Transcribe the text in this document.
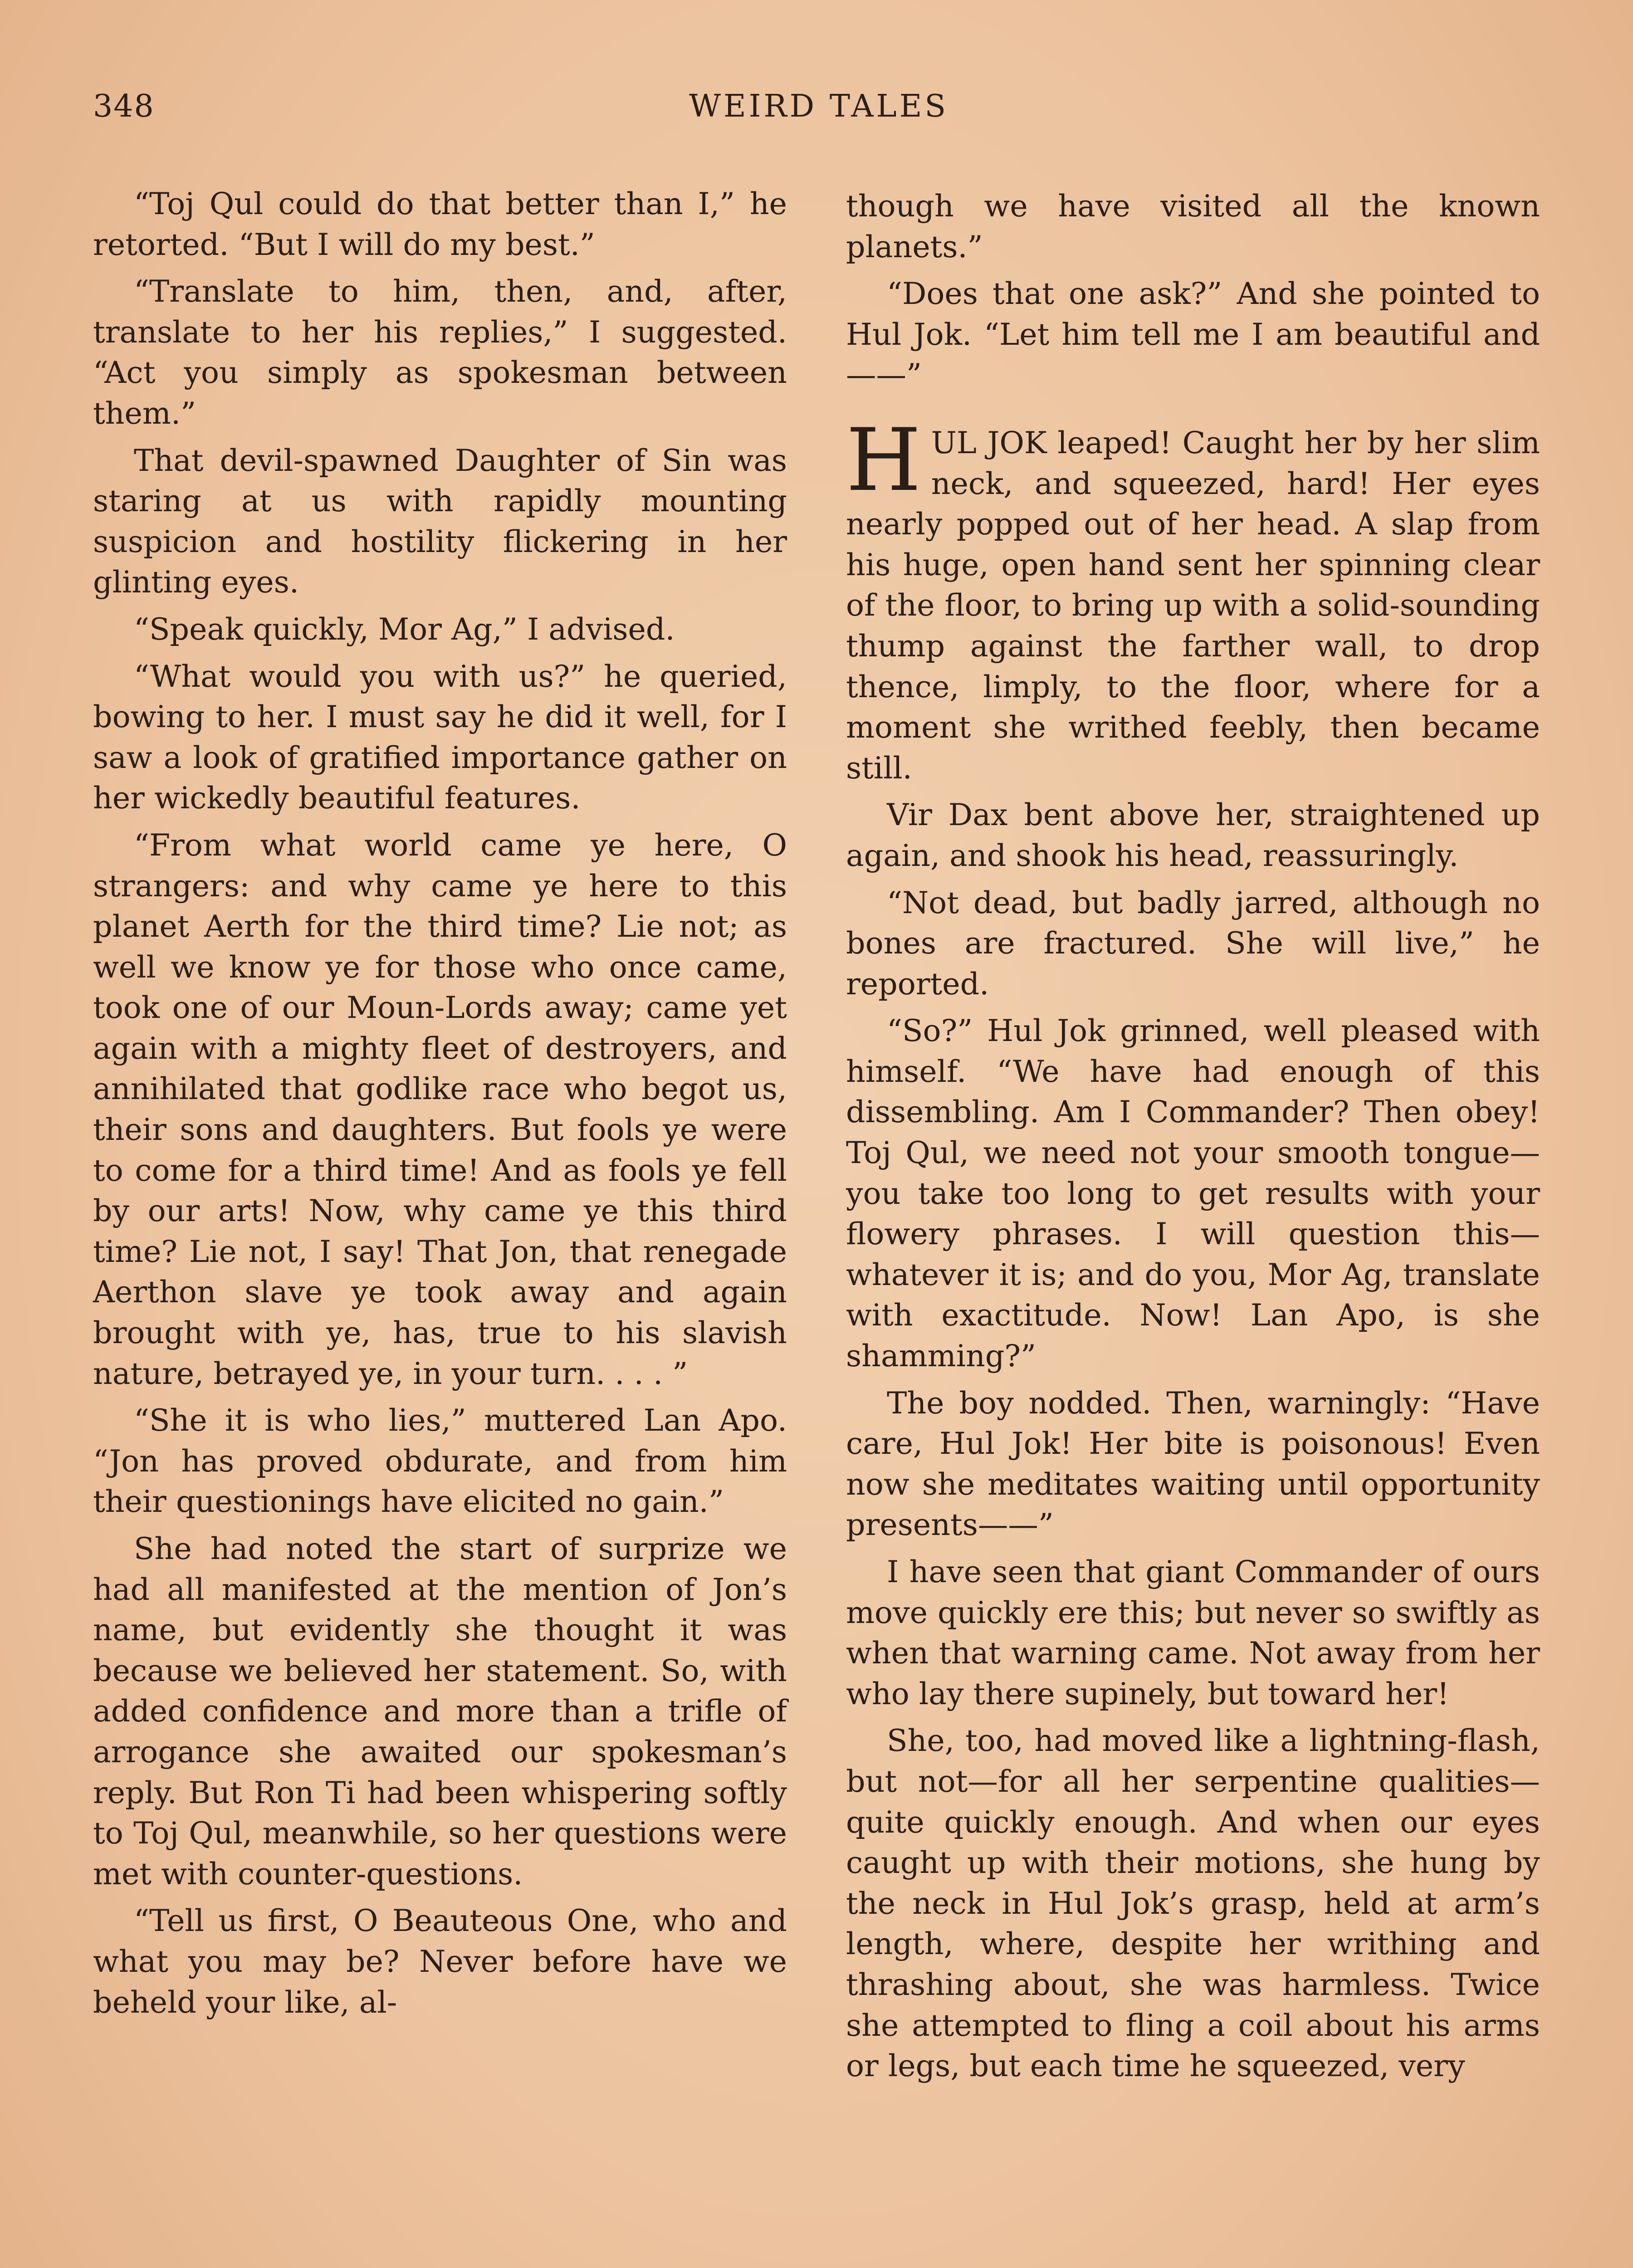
348	WEIRD TALES

“Toj Qul could do that better than I,” he retorted. “But I will do my best.”

“Translate to him, then, and, after, translate to her his replies,” I suggested. “Act you simply as spokesman between them.”

That devil-spawned Daughter of Sin was staring at us with rapidly mounting suspicion and hostility flickering in her glinting eyes.

“Speak quickly, Mor Ag,” I advised.

“What would you with us?” he queried, bowing to her. I must say he did it well, for I saw a look of gratified importance gather on her wickedly beautiful features.

“From what world came ye here, O strangers: and why came ye here to this planet Aerth for the third time? Lie not; as well we know ye for those who once came, took one of our Moun-Lords away; came yet again with a mighty fleet of destroyers, and annihilated that godlike race who begot us, their sons and daughters. But fools ye were to come for a third time! And as fools ye fell by our arts! Now, why came ye this third time? Lie not, I say! That Jon, that renegade Aerthon slave ye took away and again brought with ye, has, true to his slavish nature, betrayed ye, in your turn. . . . ”

“She it is who lies,” muttered Lan Apo. “Jon has proved obdurate, and from him their questionings have elicited no gain.”

She had noted the start of surprize we had all manifested at the mention of Jon’s name, but evidently she thought it was because we believed her statement. So, with added confidence and more than a trifle of arrogance she awaited our spokesman’s reply. But Ron Ti had been whispering softly to Toj Qul, meanwhile, so her questions were met with counter-questions.

“Tell us first, O Beauteous One, who and what you may be? Never before have we beheld your like, al-

though we have visited all the known planets.”

“Does that one ask?” And she pointed to Hul Jok. “Let him tell me I am beautiful and——”

HUL JOK leaped! Caught her by her slim neck, and squeezed, hard! Her eyes nearly popped out of her head. A slap from his huge, open hand sent her spinning clear of the floor, to bring up with a solid-sounding thump against the farther wall, to drop thence, limply, to the floor, where for a moment she writhed feebly, then became still.

Vir Dax bent above her, straightened up again, and shook his head, reassuringly.

“Not dead, but badly jarred, although no bones are fractured. She will live,” he reported.

“So?” Hul Jok grinned, well pleased with himself. “We have had enough of this dissembling. Am I Commander? Then obey! Toj Qul, we need not your smooth tongue—you take too long to get results with your flowery phrases. I will question this—whatever it is; and do you, Mor Ag, translate with exactitude. Now! Lan Apo, is she shamming?”

The boy nodded. Then, warningly: “Have care, Hul Jok! Her bite is poisonous! Even now she meditates waiting until opportunity presents——”

I have seen that giant Commander of ours move quickly ere this; but never so swiftly as when that warning came. Not away from her who lay there supinely, but toward her!

She, too, had moved like a lightning-flash, but not—for all her serpentine qualities—quite quickly enough. And when our eyes caught up with their motions, she hung by the neck in Hul Jok’s grasp, held at arm’s length, where, despite her writhing and thrashing about, she was harmless. Twice she attempted to fling a coil about his arms or legs, but each time he squeezed, very
